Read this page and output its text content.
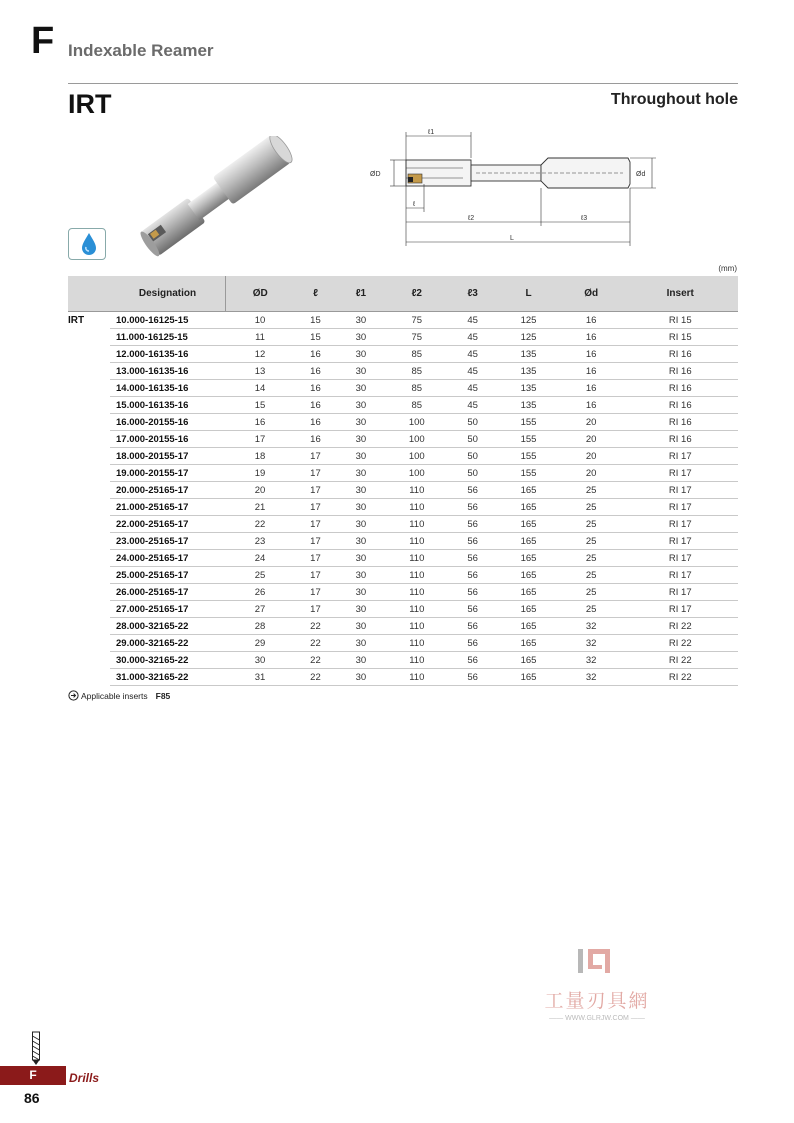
F Indexable Reamer
IRT	Throughout hole
ℓ1
ØD
ℓ
ℓ2	ℓ3
L
Ød
(mm)
	Designation	ØD	ℓ	ℓ1	ℓ2	ℓ3	L	Ød	Insert
IRT	10.000-16125-15	10	15	30	75	45	125	16	RI 15
	11.000-16125-15	11	15	30	75	45	125	16	RI 15
	12.000-16135-16	12	16	30	85	45	135	16	RI 16
	13.000-16135-16	13	16	30	85	45	135	16	RI 16
	14.000-16135-16	14	16	30	85	45	135	16	RI 16
	15.000-16135-16	15	16	30	85	45	135	16	RI 16
	16.000-20155-16	16	16	30	100	50	155	20	RI 16
	17.000-20155-16	17	16	30	100	50	155	20	RI 16
	18.000-20155-17	18	17	30	100	50	155	20	RI 17
	19.000-20155-17	19	17	30	100	50	155	20	RI 17
	20.000-25165-17	20	17	30	110	56	165	25	RI 17
	21.000-25165-17	21	17	30	110	56	165	25	RI 17
	22.000-25165-17	22	17	30	110	56	165	25	RI 17
	23.000-25165-17	23	17	30	110	56	165	25	RI 17
	24.000-25165-17	24	17	30	110	56	165	25	RI 17
	25.000-25165-17	25	17	30	110	56	165	25	RI 17
	26.000-25165-17	26	17	30	110	56	165	25	RI 17
	27.000-25165-17	27	17	30	110	56	165	25	RI 17
	28.000-32165-22	28	22	30	110	56	165	32	RI 22
	29.000-32165-22	29	22	30	110	56	165	32	RI 22
	30.000-32165-22	30	22	30	110	56	165	32	RI 22
	31.000-32165-22	31	22	30	110	56	165	32	RI 22
Applicable inserts F85
工量刃具網
—— WWW.GLRJW.COM ——
F	Drills
86
